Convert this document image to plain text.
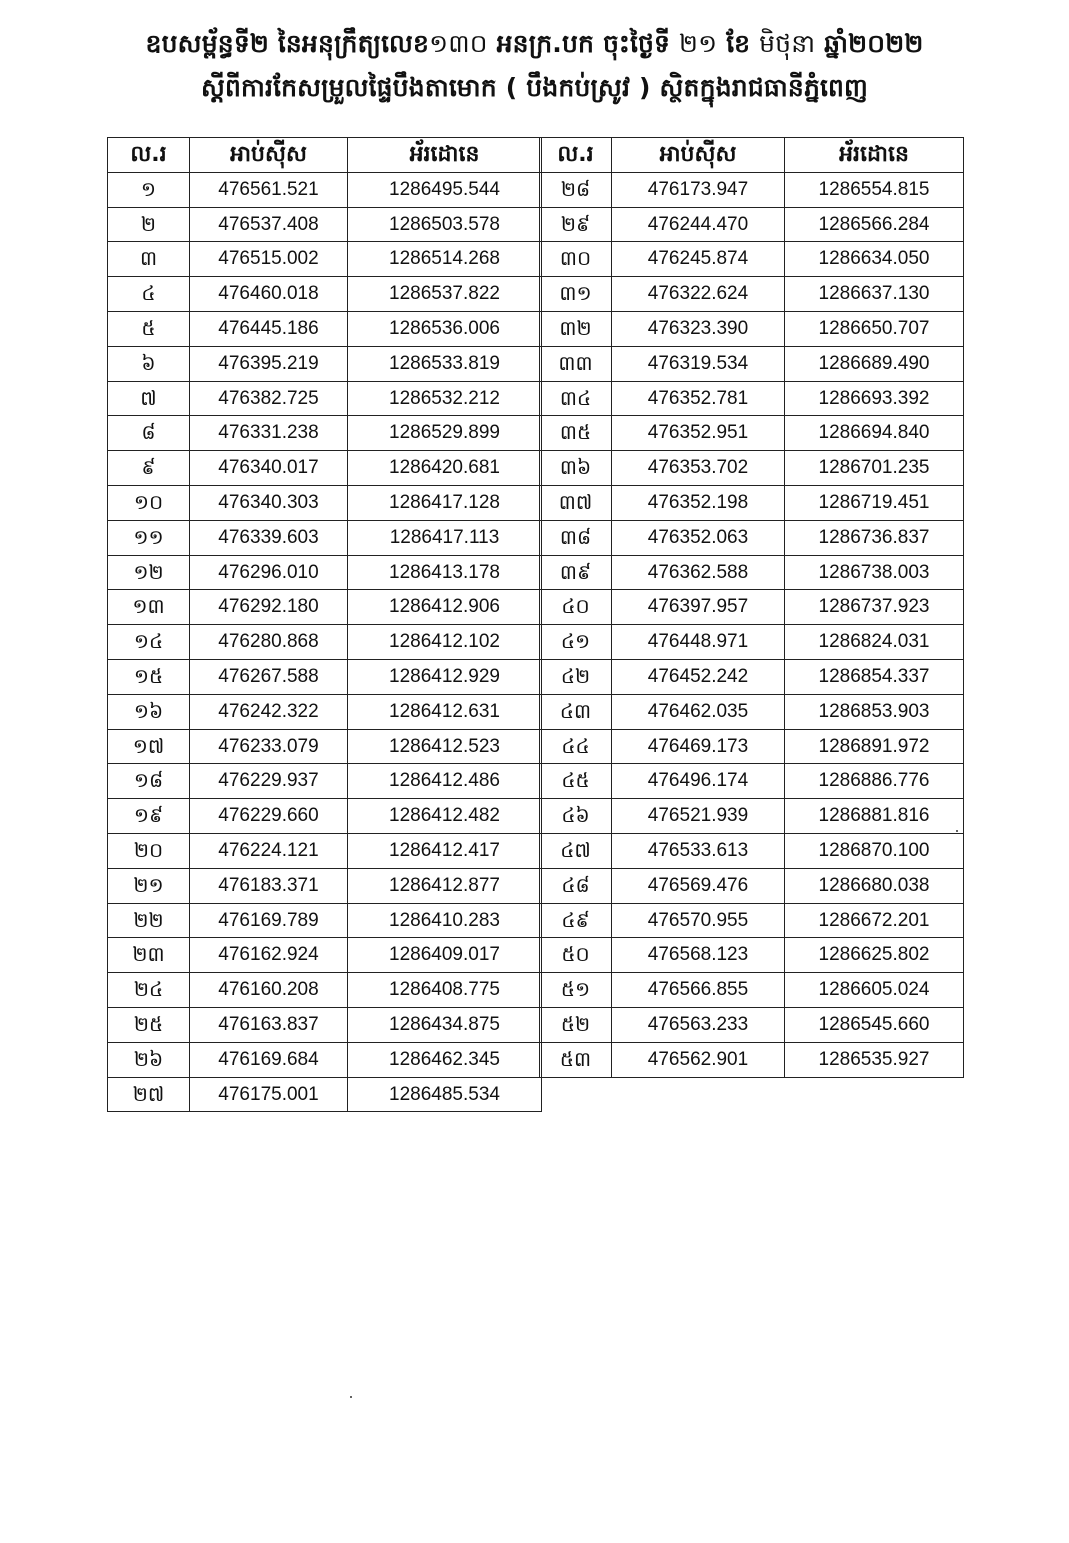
ឧបសម្ព័ន្ធទី២ នៃអនុក្រឹត្យលេខ១៣០ អនក្រ.បក ចុះថ្ងៃទី ២១ ខែ មិថុនា ឆ្នាំ២០២២
ស្ដីពីការកែសម្រួលផ្ទៃបឹងតាមោក ( បឹងកប់ស្រូវ ) ស្ថិតក្នុងរាជធានីភ្នំពេញ
ល.រ	អាប់ស៊ីស	អ័រដោនេ
១	476561.521	1286495.544
២	476537.408	1286503.578
៣	476515.002	1286514.268
៤	476460.018	1286537.822
៥	476445.186	1286536.006
៦	476395.219	1286533.819
៧	476382.725	1286532.212
៨	476331.238	1286529.899
៩	476340.017	1286420.681
១០	476340.303	1286417.128
១១	476339.603	1286417.113
១២	476296.010	1286413.178
១៣	476292.180	1286412.906
១៤	476280.868	1286412.102
១៥	476267.588	1286412.929
១៦	476242.322	1286412.631
១៧	476233.079	1286412.523
១៨	476229.937	1286412.486
១៩	476229.660	1286412.482
២០	476224.121	1286412.417
២១	476183.371	1286412.877
២២	476169.789	1286410.283
២៣	476162.924	1286409.017
២៤	476160.208	1286408.775
២៥	476163.837	1286434.875
២៦	476169.684	1286462.345
២៧	476175.001	1286485.534
ល.រ	អាប់ស៊ីស	អ័រដោនេ
២៨	476173.947	1286554.815
២៩	476244.470	1286566.284
៣០	476245.874	1286634.050
៣១	476322.624	1286637.130
៣២	476323.390	1286650.707
៣៣	476319.534	1286689.490
៣៤	476352.781	1286693.392
៣៥	476352.951	1286694.840
៣៦	476353.702	1286701.235
៣៧	476352.198	1286719.451
៣៨	476352.063	1286736.837
៣៩	476362.588	1286738.003
៤០	476397.957	1286737.923
៤១	476448.971	1286824.031
៤២	476452.242	1286854.337
៤៣	476462.035	1286853.903
៤៤	476469.173	1286891.972
៤៥	476496.174	1286886.776
៤៦	476521.939	1286881.816
៤៧	476533.613	1286870.100
៤៨	476569.476	1286680.038
៤៩	476570.955	1286672.201
៥០	476568.123	1286625.802
៥១	476566.855	1286605.024
៥២	476563.233	1286545.660
៥៣	476562.901	1286535.927
